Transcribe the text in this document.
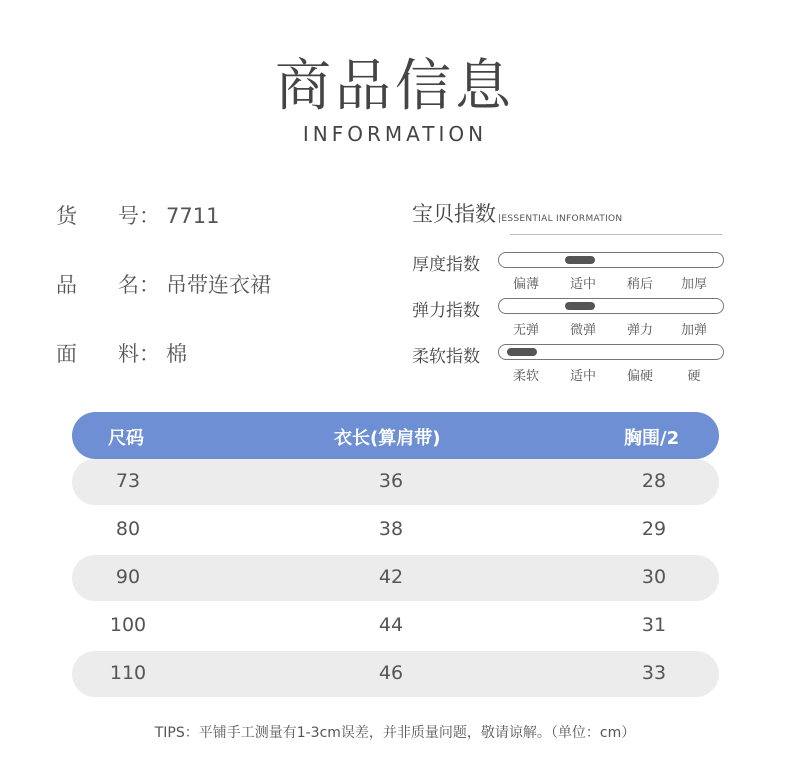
商品信息
INFORMATION
货 号： 7711
品 名： 吊带连衣裙
面 料： 棉
宝贝指数 |ESSENTIAL INFORMATION
厚度指数
偏薄	适中	稍后	加厚
弹力指数
无弹	微弹	弹力	加弹
柔软指数
柔软	适中	偏硬	硬
尺码	衣长(算肩带)	胸围/2
73	36	28
80	38	29
90	42	30
100	44	31
110	46	33
TIPS：平铺手工测量有1-3cm误差，并非质量问题，敬请谅解。（单位：cm）
